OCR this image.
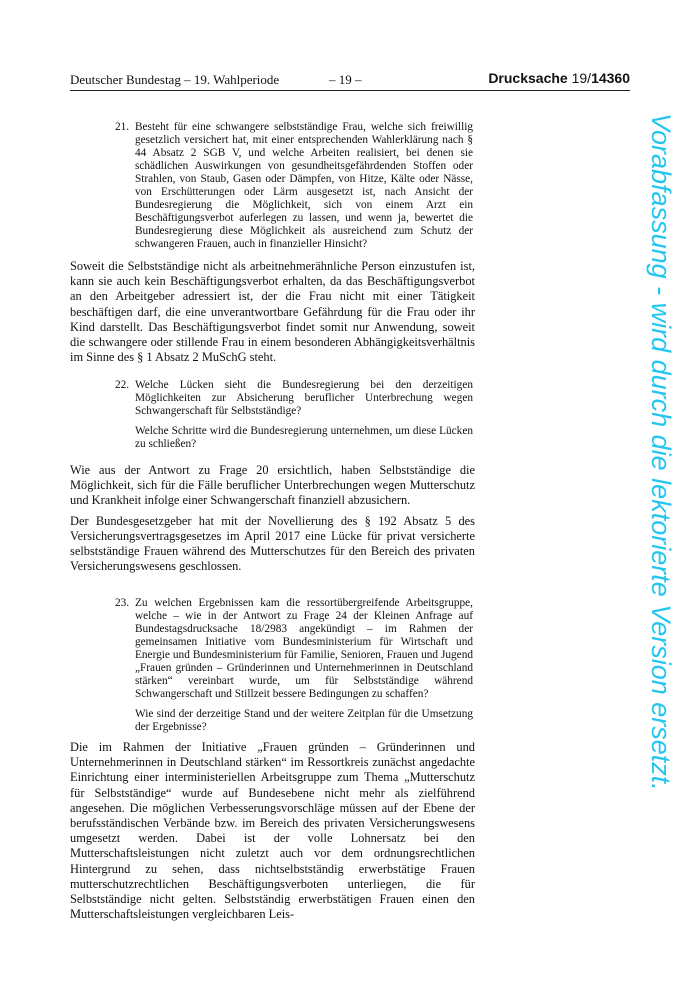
Deutscher Bundestag – 19. Wahlperiode	– 19 –	Drucksache 19/14360
21. Besteht für eine schwangere selbstständige Frau, welche sich freiwillig gesetzlich versichert hat, mit einer entsprechenden Wahlerklärung nach § 44 Absatz 2 SGB V, und welche Arbeiten realisiert, bei denen sie schädlichen Auswirkungen von gesundheitsgefährdenden Stoffen oder Strahlen, von Staub, Gasen oder Dämpfen, von Hitze, Kälte oder Nässe, von Erschütterungen oder Lärm ausgesetzt ist, nach Ansicht der Bundesregierung die Möglichkeit, sich von einem Arzt ein Beschäftigungsverbot auferlegen zu lassen, und wenn ja, bewertet die Bundesregierung diese Möglichkeit als ausreichend zum Schutz der schwangeren Frauen, auch in finanzieller Hinsicht?

Soweit die Selbstständige nicht als arbeitnehmerähnliche Person einzustufen ist, kann sie auch kein Beschäftigungsverbot erhalten, da das Beschäftigungsverbot an den Arbeitgeber adressiert ist, der die Frau nicht mit einer Tätigkeit beschäftigen darf, die eine unverantwortbare Gefährdung für die Frau oder ihr Kind darstellt. Das Beschäftigungsverbot findet somit nur Anwendung, soweit die schwangere oder stillende Frau in einem besonderen Abhängigkeitsverhältnis im Sinne des § 1 Absatz 2 MuSchG steht.

22. Welche Lücken sieht die Bundesregierung bei den derzeitigen Möglichkeiten zur Absicherung beruflicher Unterbrechung wegen Schwangerschaft für Selbstständige?

Welche Schritte wird die Bundesregierung unternehmen, um diese Lücken zu schließen?

Wie aus der Antwort zu Frage 20 ersichtlich, haben Selbstständige die Möglichkeit, sich für die Fälle beruflicher Unterbrechungen wegen Mutterschutz und Krankheit infolge einer Schwangerschaft finanziell abzusichern.

Der Bundesgesetzgeber hat mit der Novellierung des § 192 Absatz 5 des Versicherungsvertragsgesetzes im April 2017 eine Lücke für privat versicherte selbstständige Frauen während des Mutterschutzes für den Bereich des privaten Versicherungswesens geschlossen.

23. Zu welchen Ergebnissen kam die ressortübergreifende Arbeitsgruppe, welche – wie in der Antwort zu Frage 24 der Kleinen Anfrage auf Bundestagsdrucksache 18/2983 angekündigt – im Rahmen der gemeinsamen Initiative vom Bundesministerium für Wirtschaft und Energie und Bundesministerium für Familie, Senioren, Frauen und Jugend „Frauen gründen – Gründerinnen und Unternehmerinnen in Deutschland stärken“ vereinbart wurde, um für Selbstständige während Schwangerschaft und Stillzeit bessere Bedingungen zu schaffen?

Wie sind der derzeitige Stand und der weitere Zeitplan für die Umsetzung der Ergebnisse?

Die im Rahmen der Initiative „Frauen gründen – Gründerinnen und Unternehmerinnen in Deutschland stärken“ im Ressortkreis zunächst angedachte Einrichtung einer interministeriellen Arbeitsgruppe zum Thema „Mutterschutz für Selbstständige“ wurde auf Bundesebene nicht mehr als zielführend angesehen. Die möglichen Verbesserungsvorschläge müssen auf der Ebene der berufsständischen Verbände bzw. im Bereich des privaten Versicherungswesens umgesetzt werden. Dabei ist der volle Lohnersatz bei den Mutterschaftsleistungen nicht zuletzt auch vor dem ordnungsrechtlichen Hintergrund zu sehen, dass nichtselbstständig erwerbstätige Frauen mutterschutzrechtlichen Beschäftigungsverboten unterliegen, die für Selbstständige nicht gelten. Selbstständig erwerbstätigen Frauen einen den Mutterschaftsleistungen vergleichbaren Leis-

Vorabfassung - wird durch die lektorierte Version ersetzt.
